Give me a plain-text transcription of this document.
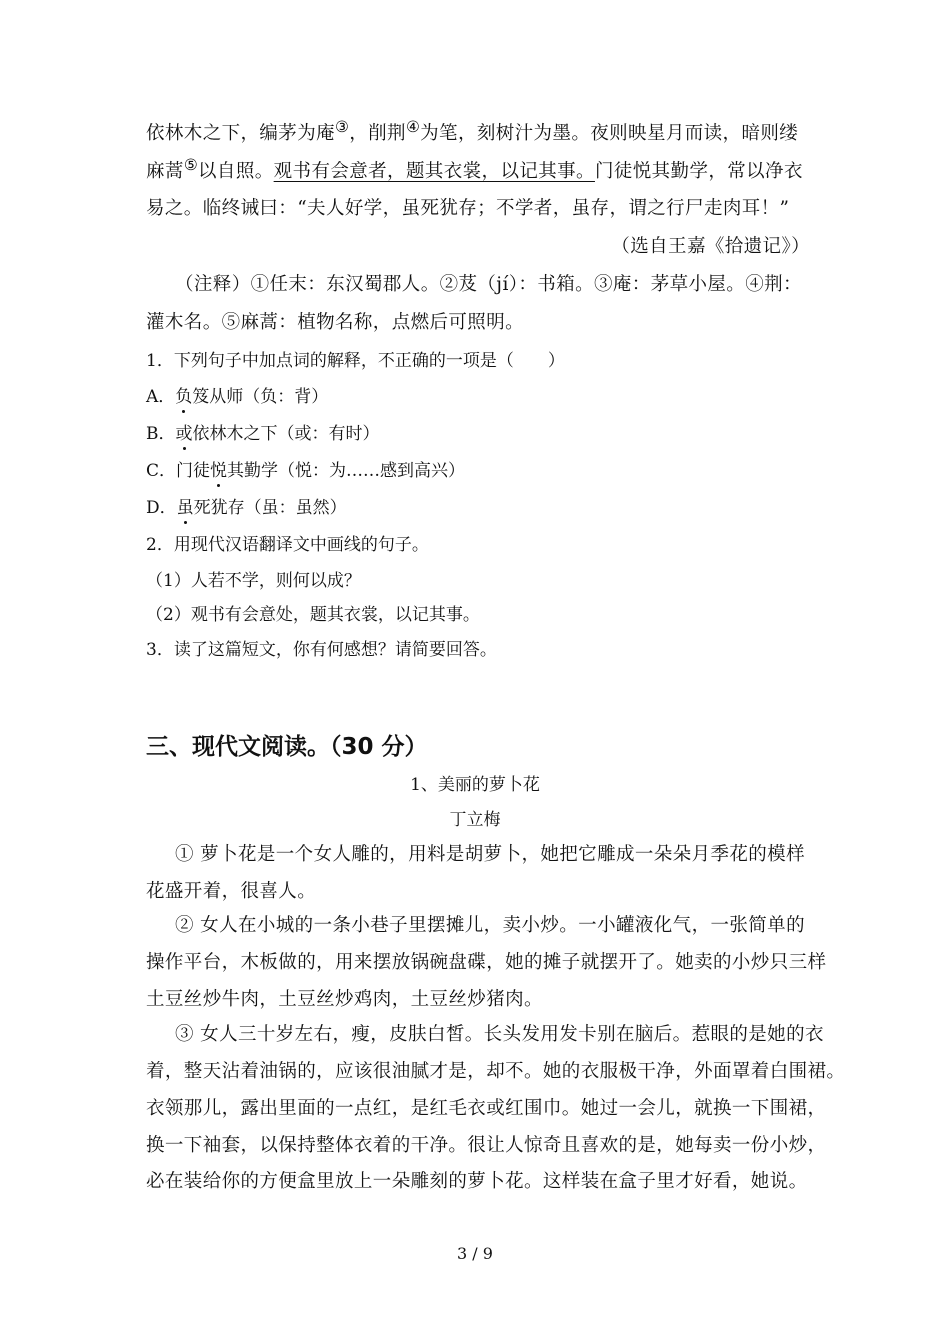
依林木之下，编茅为庵③，削荆④为笔，刻树汁为墨。夜则映星月而读，暗则缕
麻蒿⑤以自照。观书有会意者，题其衣裳，以记其事。门徒悦其勤学，常以净衣
易之。临终诫曰：“夫人好学，虽死犹存；不学者，虽存，谓之行尸走肉耳！”
（选自王嘉《拾遗记》）
（注释）①任末：东汉蜀郡人。②芨（jí）：书箱。③庵：茅草小屋。④荆：
灌木名。⑤麻蒿：植物名称，点燃后可照明。
1．下列句子中加点词的解释，不正确的一项是（　　）
A．负笈从师（负：背）
B．或依林木之下（或：有时）
C．门徒悦其勤学（悦：为……感到高兴）
D．虽死犹存（虽：虽然）
2．用现代汉语翻译文中画线的句子。
（1）人若不学，则何以成？
（2）观书有会意处，题其衣裳，以记其事。
3．读了这篇短文，你有何感想？请简要回答。
三、现代文阅读。（30 分）
1、美丽的萝卜花
丁立梅
① 萝卜花是一个女人雕的，用料是胡萝卜，她把它雕成一朵朵月季花的模样
花盛开着，很喜人。
② 女人在小城的一条小巷子里摆摊儿，卖小炒。一小罐液化气，一张简单的
操作平台，木板做的，用来摆放锅碗盘碟，她的摊子就摆开了。她卖的小炒只三样
土豆丝炒牛肉，土豆丝炒鸡肉，土豆丝炒猪肉。
③ 女人三十岁左右，瘦，皮肤白皙。长头发用发卡别在脑后。惹眼的是她的衣
着，整天沾着油锅的，应该很油腻才是，却不。她的衣服极干净，外面罩着白围裙。
衣领那儿，露出里面的一点红，是红毛衣或红围巾。她过一会儿，就换一下围裙，
换一下袖套，以保持整体衣着的干净。很让人惊奇且喜欢的是，她每卖一份小炒，
必在装给你的方便盒里放上一朵雕刻的萝卜花。这样装在盒子里才好看，她说。
3 / 9
